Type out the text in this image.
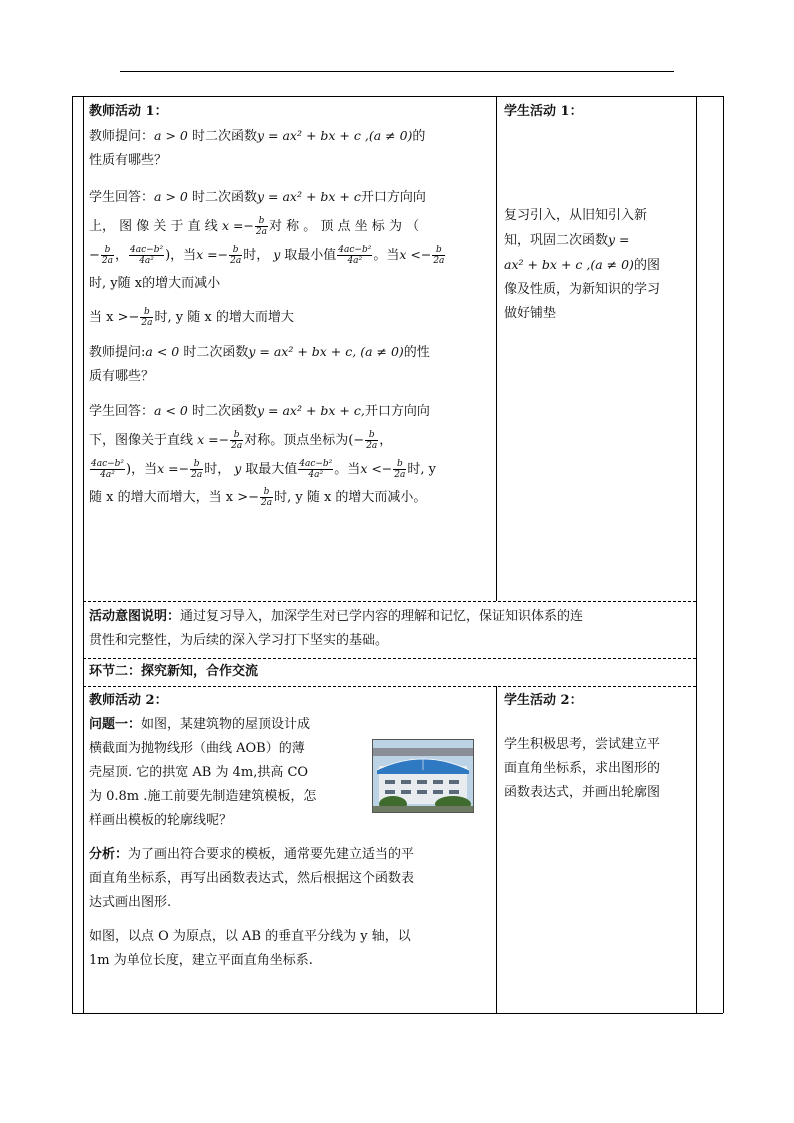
教师活动 1：

教师提问：a > 0 时二次函数y = ax² + bx + c ,(a ≠ 0)的
性质有哪些？

学生回答：a > 0 时二次函数y = ax² + bx + c开口方向向
上， 图 像 关 于 直 线 $x =- \frac{b}{2a}$ 对 称 。 顶 点 坐 标 为 （
− $\frac{b}{2a}$ ， $\frac{\text{4ac−b²}}{\text{4a²}}$ )，当$x =- \frac{b}{2a}$ 时， y 取最小值 $\frac{\text{4ac−b²}}{\text{4a²}}$ 。当$x <- \frac{b}{2a}$

时, y随 x的增大而减小

当 $x >- \frac{b}{2a}$ 时, y 随 x 的增大而增大

教师提问:a < 0 时二次函数y = ax² + bx + c, (a ≠ 0)的性
质有哪些？

学生回答：a < 0 时二次函数y = ax² + bx + c,开口方向向
下，图像关于直线 $x =- \frac{b}{2a}$ 对称。顶点坐标为(− $\frac{b}{2a}$ ，

$\frac{\text{4ac−b²}}{\text{4a²}}$ )，当$x =- \frac{b}{2a}$ 时， y 取最大值 $\frac{\text{4ac−b²}}{\text{4a²}}$ 。当$x <- \frac{b}{2a}$ 时, y
随 x 的增大而增大，当 $x >- \frac{b}{2a}$ 时, y 随 x 的增大而减小。

学生活动 1：

复习引入，从旧知引入新
知，巩固二次函数y =
ax² + bx + c ,(a ≠ 0)的图
像及性质，为新知识的学习
做好铺垫

活动意图说明：通过复习导入，加深学生对已学内容的理解和记忆，保证知识体系的连
贯性和完整性，为后续的深入学习打下坚实的基础。
环节二：探究新知，合作交流

教师活动 2：

问题一：如图，某建筑物的屋顶设计成
横截面为抛物线形（曲线 AOB）的薄
壳屋顶. 它的拱宽 AB 为 4m,拱高 CO
为 0.8m .施工前要先制造建筑模板，怎
样画出模板的轮廓线呢？

分析：为了画出符合要求的模板，通常要先建立适当的平
面直角坐标系，再写出函数表达式，然后根据这个函数表
达式画出图形.

如图，以点 O 为原点，以 AB 的垂直平分线为 y 轴，以
1m 为单位长度，建立平面直角坐标系.

学生活动 2：

学生积极思考，尝试建立平
面直角坐标系，求出图形的
函数表达式，并画出轮廓图
